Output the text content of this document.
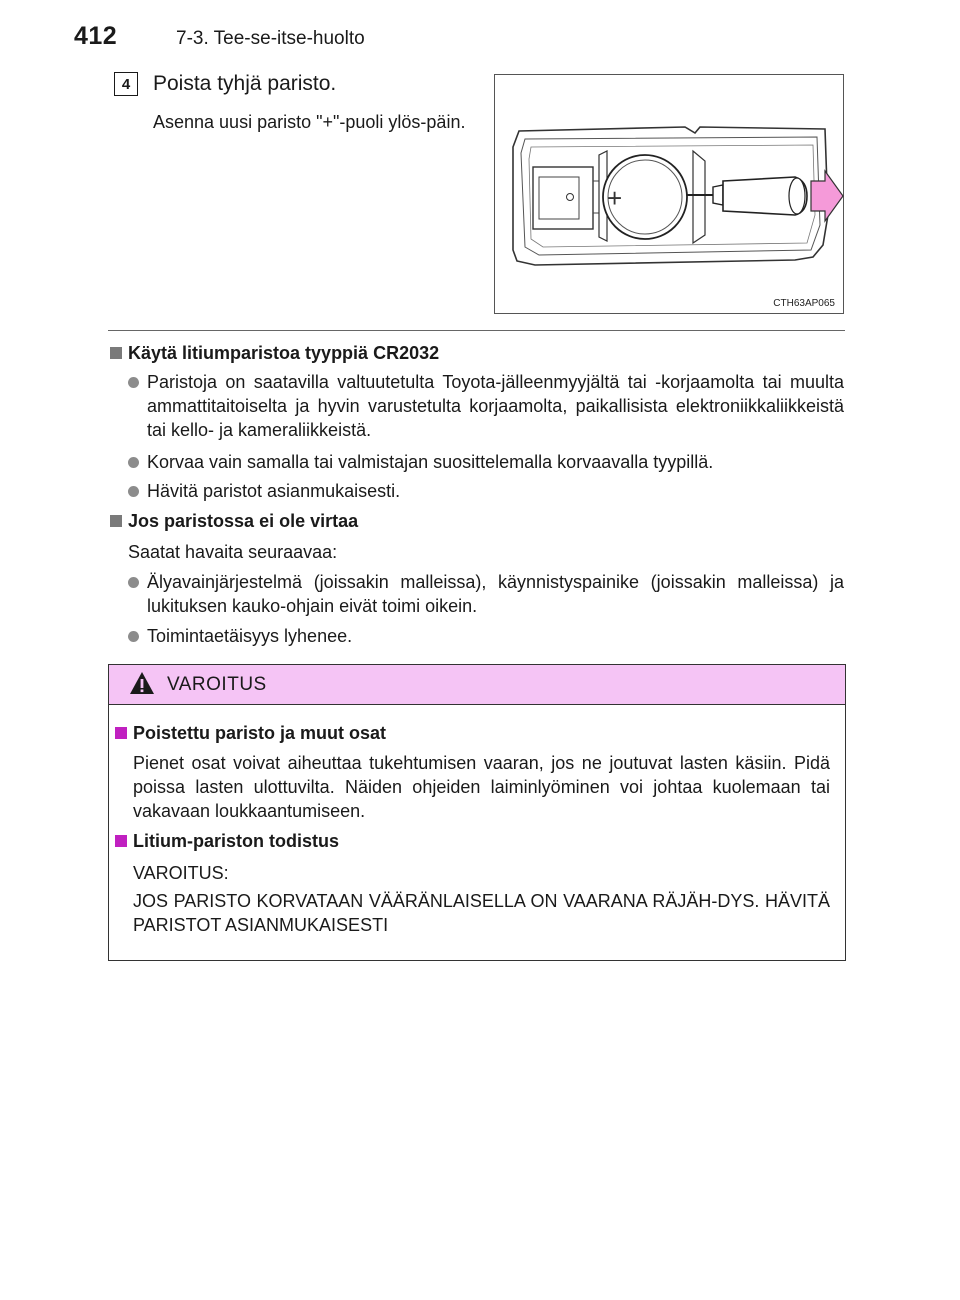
412	7-3. Tee-se-itse-huolto
4	Poista tyhjä paristo.
Asenna uusi paristo "+"-puoli ylös-päin.
+
CTH63AP065
Käytä litiumparistoa tyyppiä CR2032
Paristoja on saatavilla valtuutetulta Toyota-jälleenmyyjältä tai -korjaamolta tai muulta ammattitaitoiselta ja hyvin varustetulta korjaamolta, paikallisista elektroniikkaliikkeistä tai kello- ja kameraliikkeistä.
Korvaa vain samalla tai valmistajan suosittelemalla korvaavalla tyypillä.
Hävitä paristot asianmukaisesti.
Jos paristossa ei ole virtaa
Saatat havaita seuraavaa:
Älyavainjärjestelmä (joissakin malleissa), käynnistyspainike (joissakin malleissa) ja lukituksen kauko-ohjain eivät toimi oikein.
Toimintaetäisyys lyhenee.
VAROITUS
Poistettu paristo ja muut osat
Pienet osat voivat aiheuttaa tukehtumisen vaaran, jos ne joutuvat lasten käsiin. Pidä poissa lasten ulottuvilta. Näiden ohjeiden laiminlyöminen voi johtaa kuolemaan tai vakavaan loukkaantumiseen.
Litium-pariston todistus
VAROITUS:
JOS PARISTO KORVATAAN VÄÄRÄNLAISELLA ON VAARANA RÄJÄH-DYS. HÄVITÄ PARISTOT ASIANMUKAISESTI
